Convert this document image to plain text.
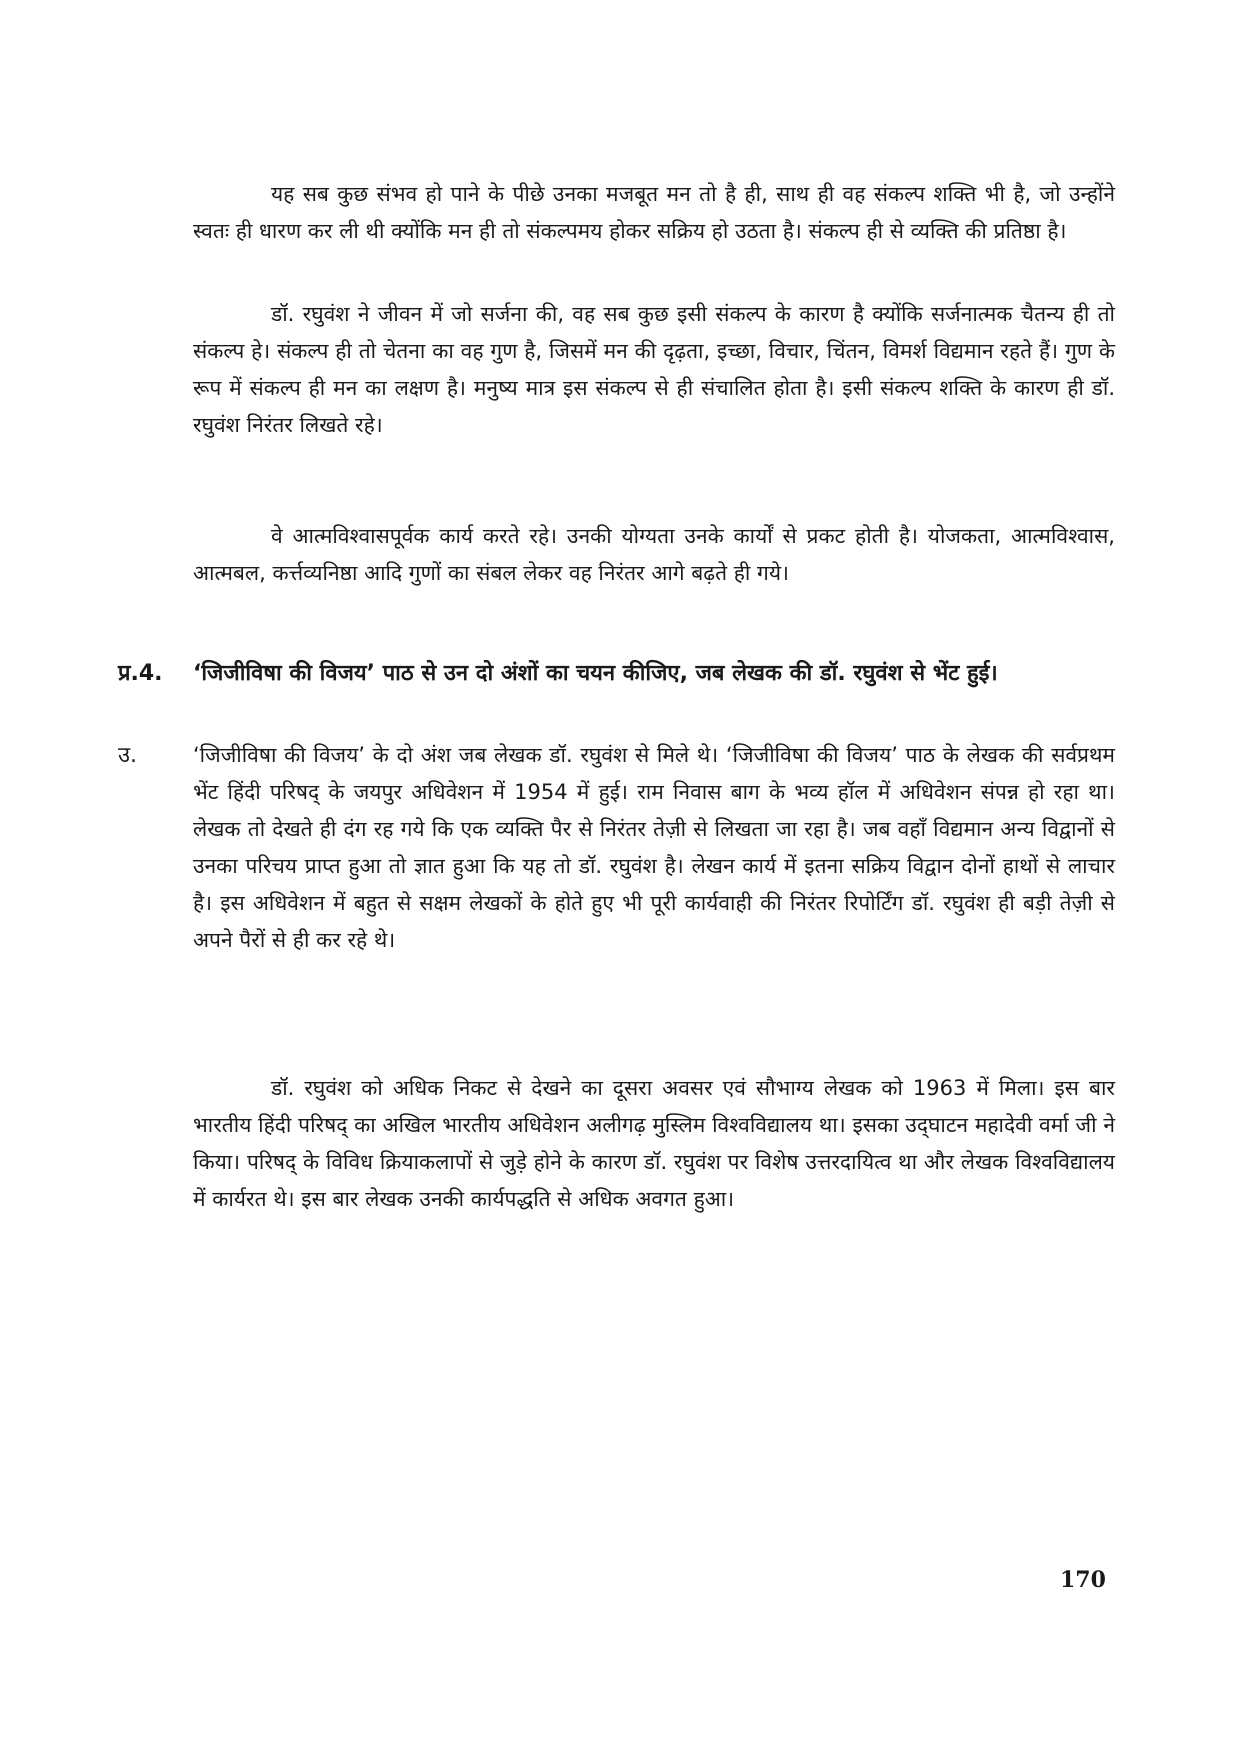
यह सब कुछ संभव हो पाने के पीछे उनका मजबूत मन तो है ही, साथ ही वह संकल्प शक्ति भी है, जो उन्होंने स्वतः ही धारण कर ली थी क्योंकि मन ही तो संकल्पमय होकर सक्रिय हो उठता है। संकल्प ही से व्यक्ति की प्रतिष्ठा है।

डॉ. रघुवंश ने जीवन में जो सर्जना की, वह सब कुछ इसी संकल्प के कारण है क्योंकि सर्जनात्मक चैतन्य ही तो संकल्प हे। संकल्प ही तो चेतना का वह गुण है, जिसमें मन की दृढ़ता, इच्छा, विचार, चिंतन, विमर्श विद्यमान रहते हैं। गुण के रूप में संकल्प ही मन का लक्षण है। मनुष्य मात्र इस संकल्प से ही संचालित होता है। इसी संकल्प शक्ति के कारण ही डॉ. रघुवंश निरंतर लिखते रहे।

वे आत्मविश्वासपूर्वक कार्य करते रहे। उनकी योग्यता उनके कार्यों से प्रकट होती है। योजकता, आत्मविश्वास, आत्मबल, कर्त्तव्यनिष्ठा आदि गुणों का संबल लेकर वह निरंतर आगे बढ़ते ही गये।

प्र.4. ‘जिजीविषा की विजय’ पाठ से उन दो अंशों का चयन कीजिए, जब लेखक की डॉ. रघुवंश से भेंट हुई।

उ.	‘जिजीविषा की विजय’ के दो अंश जब लेखक डॉ. रघुवंश से मिले थे। ‘जिजीविषा की विजय’ पाठ के लेखक की सर्वप्रथम भेंट हिंदी परिषद् के जयपुर अधिवेशन में 1954 में हुई। राम निवास बाग के भव्य हॉल में अधिवेशन संपन्न हो रहा था। लेखक तो देखते ही दंग रह गये कि एक व्यक्ति पैर से निरंतर तेज़ी से लिखता जा रहा है। जब वहाँ विद्यमान अन्य विद्वानों से उनका परिचय प्राप्त हुआ तो ज्ञात हुआ कि यह तो डॉ. रघुवंश है। लेखन कार्य में इतना सक्रिय विद्वान दोनों हाथों से लाचार है। इस अधिवेशन में बहुत से सक्षम लेखकों के होते हुए भी पूरी कार्यवाही की निरंतर रिपोर्टिंग डॉ. रघुवंश ही बड़ी तेज़ी से अपने पैरों से ही कर रहे थे।

डॉ. रघुवंश को अधिक निकट से देखने का दूसरा अवसर एवं सौभाग्य लेखक को 1963 में मिला। इस बार भारतीय हिंदी परिषद् का अखिल भारतीय अधिवेशन अलीगढ़ मुस्लिम विश्वविद्यालय था। इसका उद्‌घाटन महादेवी वर्मा जी ने किया। परिषद् के विविध क्रियाकलापों से जुड़े होने के कारण डॉ. रघुवंश पर विशेष उत्तरदायित्व था और लेखक विश्वविद्यालय में कार्यरत थे। इस बार लेखक उनकी कार्यपद्धति से अधिक अवगत हुआ।

170
